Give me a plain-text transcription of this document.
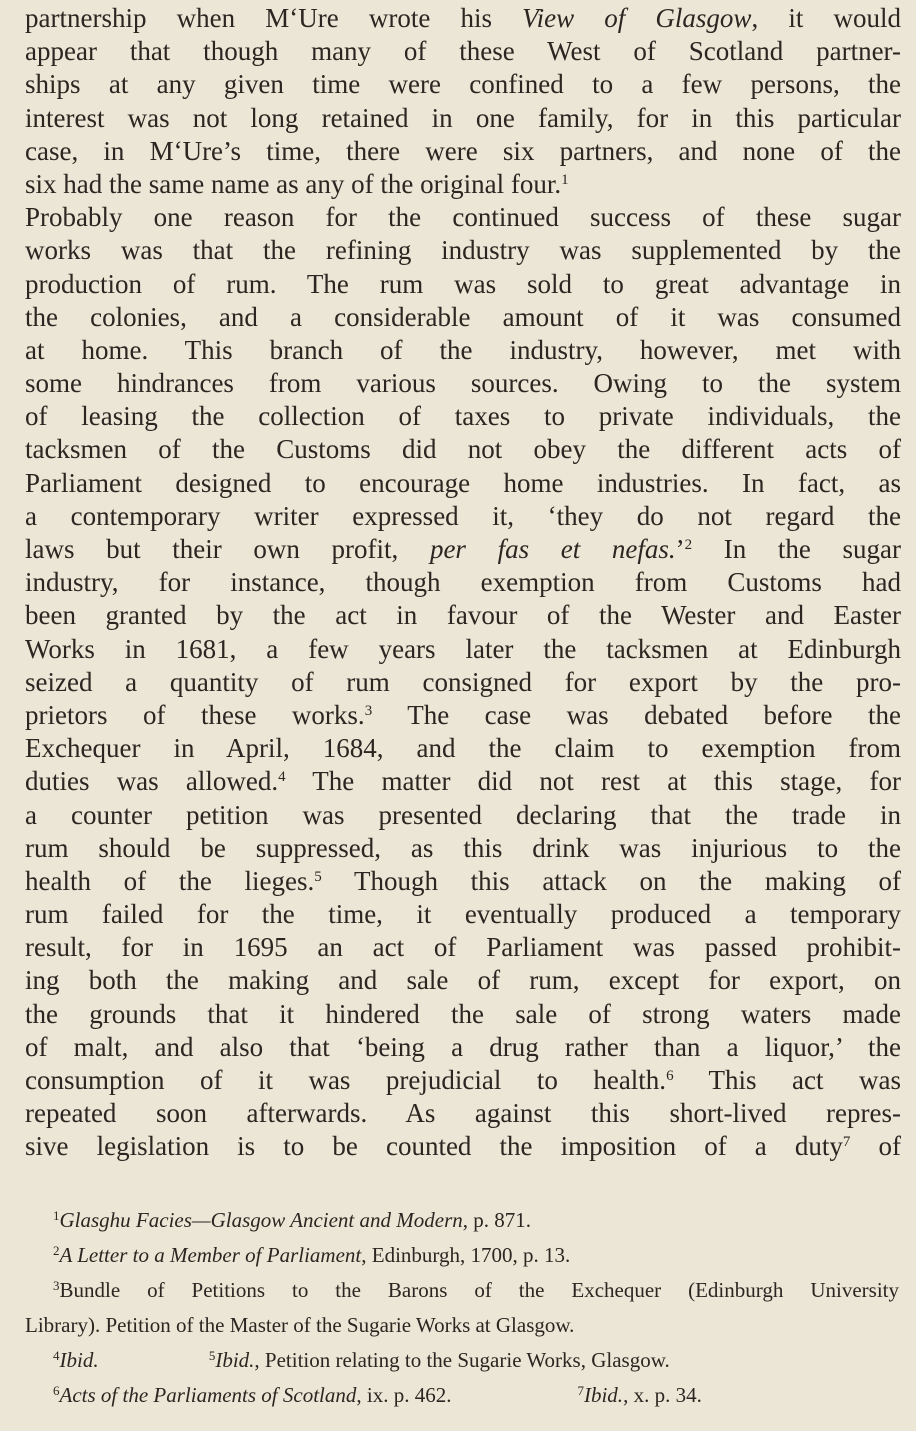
partnership when M‘Ure wrote his View of Glasgow, it would
appear that though many of these West of Scotland partner-
ships at any given time were confined to a few persons, the
interest was not long retained in one family, for in this particular
case, in M‘Ure’s time, there were six partners, and none of the
six had the same name as any of the original four.$^1$
Probably one reason for the continued success of these sugar
works was that the refining industry was supplemented by the
production of rum. The rum was sold to great advantage in
the colonies, and a considerable amount of it was consumed
at home. This branch of the industry, however, met with
some hindrances from various sources. Owing to the system
of leasing the collection of taxes to private individuals, the
tacksmen of the Customs did not obey the different acts of
Parliament designed to encourage home industries. In fact, as
a contemporary writer expressed it, ‘they do not regard the
laws but their own profit, per fas et nefas.’$^2$ In the sugar
industry, for instance, though exemption from Customs had
been granted by the act in favour of the Wester and Easter
Works in 1681, a few years later the tacksmen at Edinburgh
seized a quantity of rum consigned for export by the pro-
prietors of these works.$^3$ The case was debated before the
Exchequer in April, 1684, and the claim to exemption from
duties was allowed.$^4$ The matter did not rest at this stage, for
a counter petition was presented declaring that the trade in
rum should be suppressed, as this drink was injurious to the
health of the lieges.$^5$ Though this attack on the making of
rum failed for the time, it eventually produced a temporary
result, for in 1695 an act of Parliament was passed prohibit-
ing both the making and sale of rum, except for export, on
the grounds that it hindered the sale of strong waters made
of malt, and also that ‘being a drug rather than a liquor,’ the
consumption of it was prejudicial to health.$^6$ This act was
repeated soon afterwards. As against this short-lived repres-
sive legislation is to be counted the imposition of a duty$^7$ of
$^1$Glasghu Facies—Glasgow Ancient and Modern, p. 871.
$^2$A Letter to a Member of Parliament, Edinburgh, 1700, p. 13.
$^3$Bundle of Petitions to the Barons of the Exchequer (Edinburgh University
Library). Petition of the Master of the Sugarie Works at Glasgow.
$^4$Ibid.	$^5$Ibid., Petition relating to the Sugarie Works, Glasgow.
$^6$Acts of the Parliaments of Scotland, ix. p. 462.                        $^7$Ibid., x. p. 34.
